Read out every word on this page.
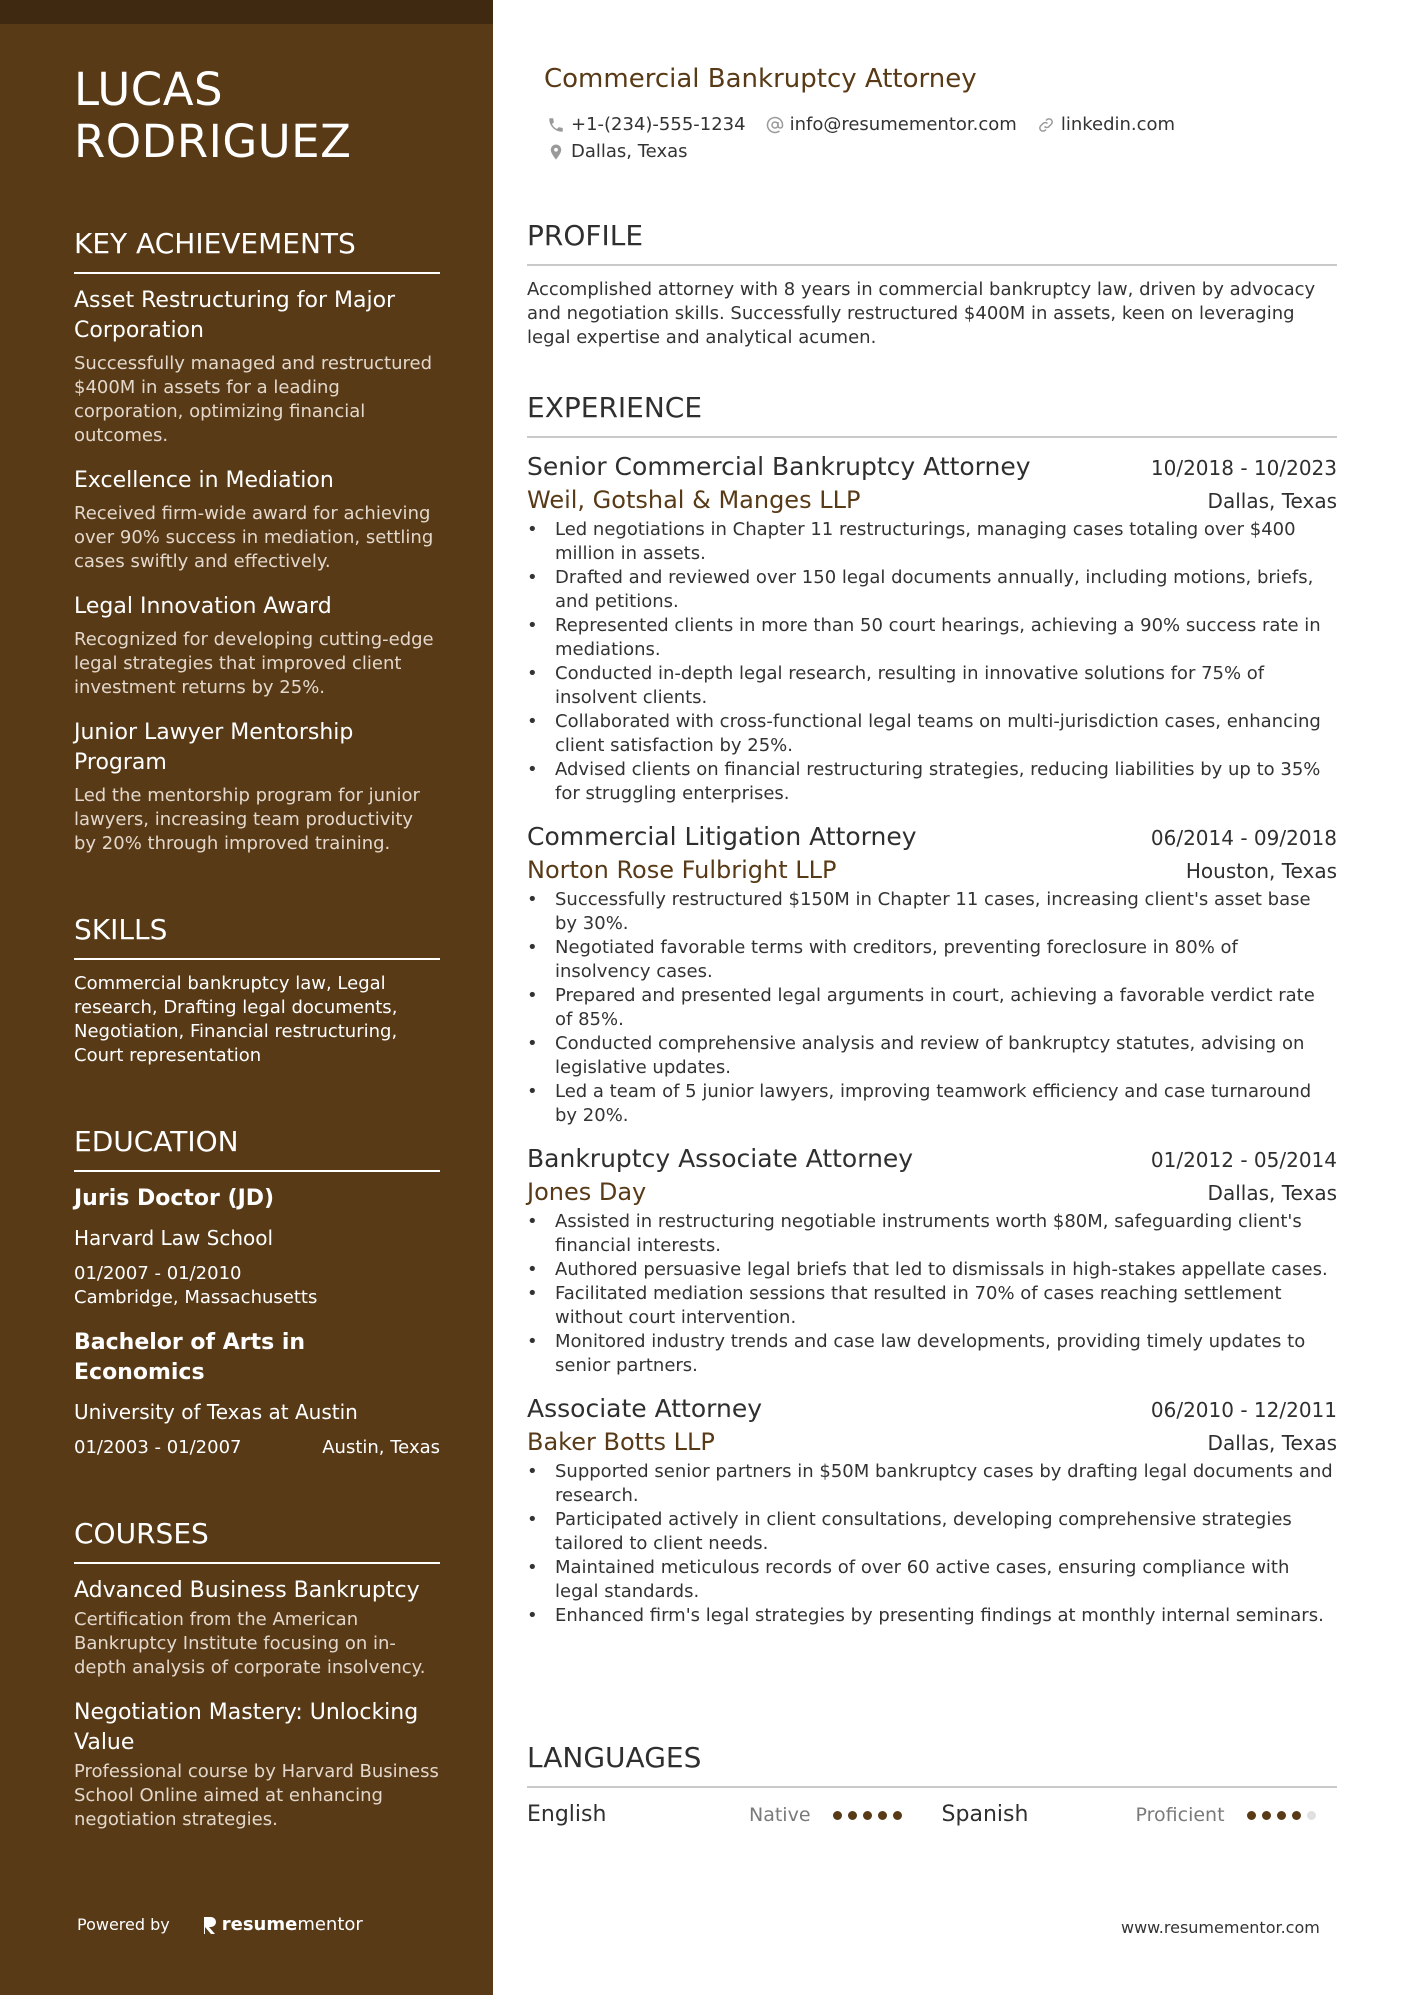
LUCAS
RODRIGUEZ
KEY ACHIEVEMENTS
Asset Restructuring for Major Corporation
Successfully managed and restructured $400M in assets for a leading corporation, optimizing financial outcomes.
Excellence in Mediation
Received firm-wide award for achieving over 90% success in mediation, settling cases swiftly and effectively.
Legal Innovation Award
Recognized for developing cutting-edge legal strategies that improved client investment returns by 25%.
Junior Lawyer Mentorship Program
Led the mentorship program for junior lawyers, increasing team productivity by 20% through improved training.
SKILLS
Commercial bankruptcy law, Legal research, Drafting legal documents, Negotiation, Financial restructuring, Court representation
EDUCATION
Juris Doctor (JD)
Harvard Law School
01/2007 - 01/2010
Cambridge, Massachusetts
Bachelor of Arts in Economics
University of Texas at Austin
01/2003 - 01/2007	Austin, Texas
COURSES
Advanced Business Bankruptcy
Certification from the American Bankruptcy Institute focusing on in-depth analysis of corporate insolvency.
Negotiation Mastery: Unlocking Value
Professional course by Harvard Business School Online aimed at enhancing negotiation strategies.
Powered by	resume mentor
Commercial Bankruptcy Attorney
+1-(234)-555-1234 info@resumementor.com linkedin.com
Dallas, Texas
PROFILE

Accomplished attorney with 8 years in commercial bankruptcy law, driven by advocacy and negotiation skills. Successfully restructured $400M in assets, keen on leveraging legal expertise and analytical acumen.

EXPERIENCE
Senior Commercial Bankruptcy Attorney	10/2018 - 10/2023
Weil, Gotshal & Manges LLP	Dallas, Texas
• Led negotiations in Chapter 11 restructurings, managing cases totaling over $400 million in assets.
• Drafted and reviewed over 150 legal documents annually, including motions, briefs, and petitions.
• Represented clients in more than 50 court hearings, achieving a 90% success rate in mediations.
• Conducted in-depth legal research, resulting in innovative solutions for 75% of insolvent clients.
• Collaborated with cross-functional legal teams on multi-jurisdiction cases, enhancing client satisfaction by 25%.
• Advised clients on financial restructuring strategies, reducing liabilities by up to 35% for struggling enterprises.
Commercial Litigation Attorney	06/2014 - 09/2018
Norton Rose Fulbright LLP	Houston, Texas
• Successfully restructured $150M in Chapter 11 cases, increasing client's asset base by 30%.
• Negotiated favorable terms with creditors, preventing foreclosure in 80% of insolvency cases.
• Prepared and presented legal arguments in court, achieving a favorable verdict rate of 85%.
• Conducted comprehensive analysis and review of bankruptcy statutes, advising on legislative updates.
• Led a team of 5 junior lawyers, improving teamwork efficiency and case turnaround by 20%.
Bankruptcy Associate Attorney	01/2012 - 05/2014
Jones Day	Dallas, Texas
• Assisted in restructuring negotiable instruments worth $80M, safeguarding client's financial interests.
• Authored persuasive legal briefs that led to dismissals in high-stakes appellate cases.
• Facilitated mediation sessions that resulted in 70% of cases reaching settlement without court intervention.
• Monitored industry trends and case law developments, providing timely updates to senior partners.
Associate Attorney	06/2010 - 12/2011
Baker Botts LLP	Dallas, Texas
• Supported senior partners in $50M bankruptcy cases by drafting legal documents and research.
• Participated actively in client consultations, developing comprehensive strategies tailored to client needs.
• Maintained meticulous records of over 60 active cases, ensuring compliance with legal standards.
• Enhanced firm's legal strategies by presenting findings at monthly internal seminars.
LANGUAGES
English	Native	Spanish	Proficient
www.resumementor.com
